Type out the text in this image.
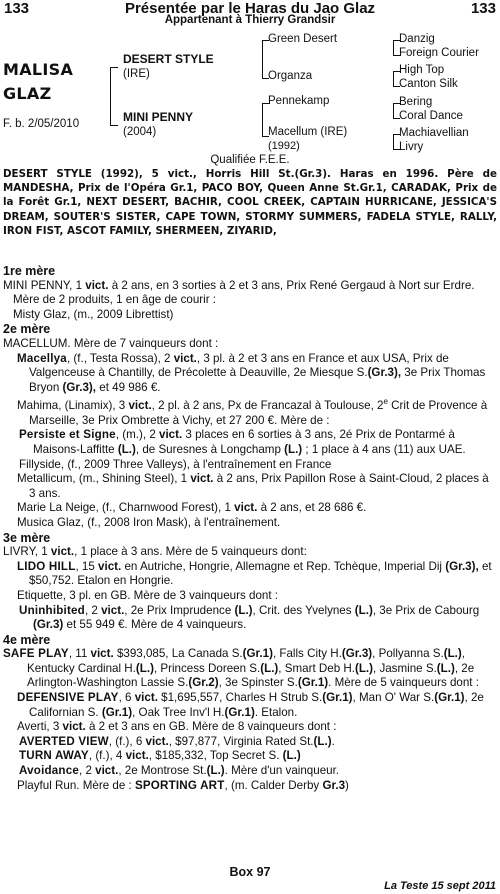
133	Présentée par le Haras du Jao Glaz	133
Appartenant à Thierry Grandsir
MALISA
GLAZ
F. b. 2/05/2010
DESERT STYLE
(IRE)
MINI PENNY
(2004)
Green Desert
Organza
Pennekamp
Macellum (IRE)
(1992)
Danzig
Foreign Courier
High Top
Canton Silk
Bering
Coral Dance
Machiavellian
Livry
Qualifiée F.E.E.
DESERT STYLE (1992), 5 vict., Horris Hill St.(Gr.3). Haras en 1996. Père de MANDESHA, Prix de l'Opéra Gr.1, PACO BOY, Queen Anne St.Gr.1, CARADAK, Prix de la Forêt Gr.1, NEXT DESERT, BACHIR, COOL CREEK, CAPTAIN HURRICANE, JESSICA'S DREAM, SOUTER'S SISTER, CAPE TOWN, STORMY SUMMERS, FADELA STYLE, RALLY, IRON FIST, ASCOT FAMILY, SHERMEEN, ZIYARID,

1re mère

MINI PENNY, 1 vict. à 2 ans, en 3 sorties à 2 et 3 ans, Prix René Gergaud à Nort sur Erdre. Mère de 2 produits, 1 en âge de courir :

Misty Glaz, (m., 2009 Librettist)

2e mère

MACELLUM. Mère de 7 vainqueurs dont :

Macellya, (f., Testa Rossa), 2 vict., 3 pl. à 2 et 3 ans en France et aux USA, Prix de Valgenceuse à Chantilly, de Précolette à Deauville, 2e Miesque S.(Gr.3), 3e Prix Thomas Bryon (Gr.3), et 49 986 €.

Mahima, (Linamix), 3 vict., 2 pl. à 2 ans, Px de Francazal à Toulouse, 2e Crit de Provence à Marseille, 3e Prix Ombrette à Vichy, et 27 200 €. Mère de :

Persiste et Signe, (m.), 2 vict. 3 places en 6 sorties à 3 ans, 2é Prix de Pontarmé à Maisons-Laffitte (L.), de Suresnes à Longchamp (L.) ; 1 place à 4 ans (11) aux UAE.

Fillyside, (f., 2009 Three Valleys), à l'entraînement en France

Metallicum, (m., Shining Steel), 1 vict. à 2 ans, Prix Papillon Rose à Saint-Cloud, 2 places à 3 ans.

Marie La Neige, (f., Charnwood Forest), 1 vict. à 2 ans, et 28 686 €.

Musica Glaz, (f., 2008 Iron Mask), à l'entraînement.

3e mère

LIVRY, 1 vict., 1 place à 3 ans. Mère de 5 vainqueurs dont:

LIDO HILL, 15 vict. en Autriche, Hongrie, Allemagne et Rep. Tchèque, Imperial Dij (Gr.3), et $50,752. Etalon en Hongrie.

Etiquette, 3 pl. en GB. Mère de 3 vainqueurs dont :

Uninhibited, 2 vict., 2e Prix Imprudence (L.), Crit. des Yvelynes (L.), 3e Prix de Cabourg (Gr.3) et 55 949 €. Mère de 4 vainqueurs.

4e mère

SAFE PLAY, 11 vict. $393,085, La Canada S.(Gr.1), Falls City H.(Gr.3), Pollyanna S.(L.), Kentucky Cardinal H.(L.), Princess Doreen S.(L.), Smart Deb H.(L.), Jasmine S.(L.), 2e Arlington-Washington Lassie S.(Gr.2), 3e Spinster S.(Gr.1). Mère de 5 vainqueurs dont :

DEFENSIVE PLAY, 6 vict. $1,695,557, Charles H Strub S.(Gr.1), Man O' War S.(Gr.1), 2e Californian S. (Gr.1), Oak Tree Inv'l H.(Gr.1). Etalon.

Averti, 3 vict. à 2 et 3 ans en GB. Mère de 8 vainqueurs dont :

AVERTED VIEW, (f.), 6 vict., $97,877, Virginia Rated St.(L.).

TURN AWAY, (f.), 4 vict., $185,332, Top Secret S. (L.)

Avoidance, 2 vict., 2e Montrose St.(L.). Mère d'un vainqueur.

Playful Run. Mère de : SPORTING ART, (m. Calder Derby Gr.3)

Box 97
La Teste 15 sept 2011
